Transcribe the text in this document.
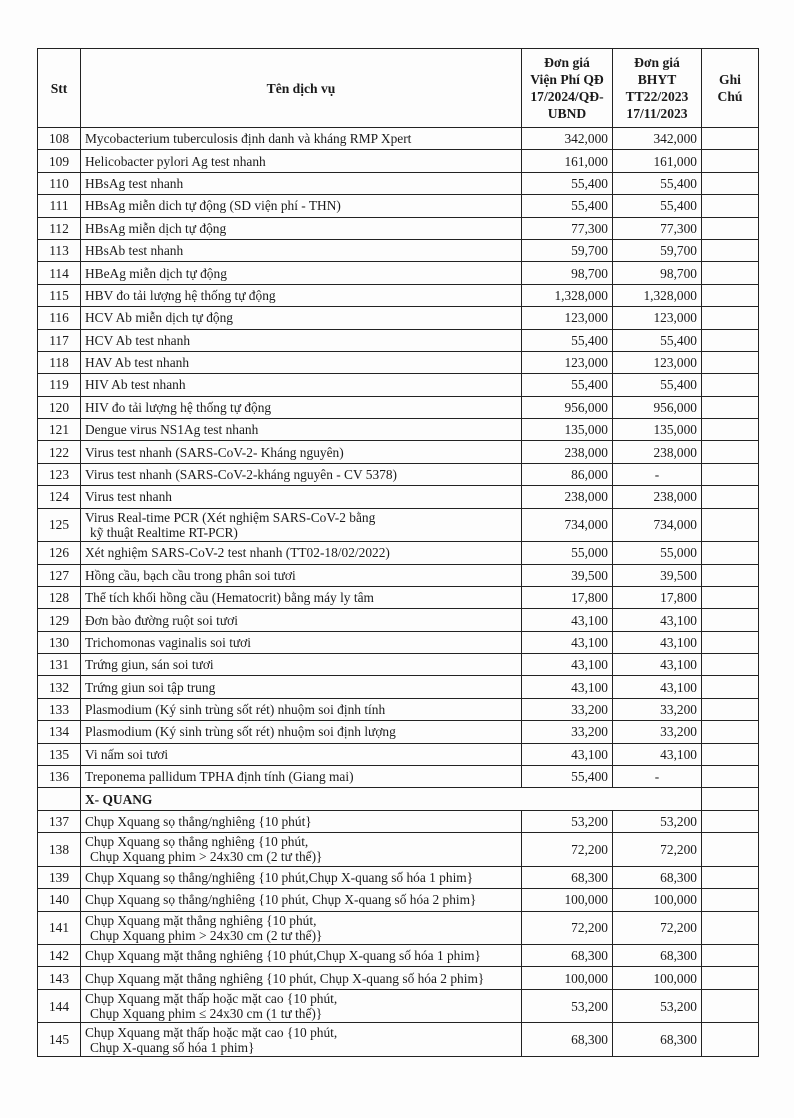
Stt	Tên dịch vụ	
Đơn giá
Viện Phí QĐ
17/2024/QĐ-
UBND

Đơn giá
BHYT
TT22/2023
17/11/2023

Ghi
Chú

108	Mycobacterium tuberculosis định danh và kháng RMP Xpert	342,000	342,000	
109	Helicobacter pylori Ag test nhanh	161,000	161,000	
110	HBsAg test nhanh	55,400	55,400	
111	HBsAg miễn dich tự động (SD viện phí - THN)	55,400	55,400	
112	HBsAg miễn dịch tự động	77,300	77,300	
113	HBsAb test nhanh	59,700	59,700	
114	HBeAg miễn dịch tự động	98,700	98,700	
115	HBV đo tải lượng hệ thống tự động	1,328,000	1,328,000	
116	HCV Ab miễn dịch tự động	123,000	123,000	
117	HCV Ab test nhanh	55,400	55,400	
118	HAV Ab test nhanh	123,000	123,000	
119	HIV Ab test nhanh	55,400	55,400	
120	HIV đo tải lượng hệ thống tự động	956,000	956,000	
121	Dengue virus NS1Ag test nhanh	135,000	135,000	
122	Virus test nhanh (SARS-CoV-2- Kháng nguyên)	238,000	238,000	
123	Virus test nhanh (SARS-CoV-2-kháng nguyên - CV 5378)	86,000	-	
124	Virus test nhanh	238,000	238,000	
125	Virus Real-time PCR (Xét nghiệm SARS-CoV-2 bằng
kỹ thuật Realtime RT-PCR)	734,000	734,000	
126	Xét nghiệm SARS-CoV-2 test nhanh (TT02-18/02/2022)	55,000	55,000	
127	Hồng cầu, bạch cầu trong phân soi tươi	39,500	39,500	
128	Thể tích khối hồng cầu (Hematocrit) bằng máy ly tâm	17,800	17,800	
129	Đơn bào đường ruột soi tươi	43,100	43,100	
130	Trichomonas vaginalis soi tươi	43,100	43,100	
131	Trứng giun, sán soi tươi	43,100	43,100	
132	Trứng giun soi tập trung	43,100	43,100	
133	Plasmodium (Ký sinh trùng sốt rét) nhuộm soi định tính	33,200	33,200	
134	Plasmodium (Ký sinh trùng sốt rét) nhuộm soi định lượng	33,200	33,200	
135	Vi nấm soi tươi	43,100	43,100	
136	Treponema pallidum TPHA định tính (Giang mai)	55,400	-	
	X- QUANG			
137	Chụp Xquang sọ thẳng/nghiêng {10 phút}	53,200	53,200	
138	Chụp Xquang sọ thẳng nghiêng {10 phút,
Chụp Xquang phim > 24x30 cm (2 tư thế)}	72,200	72,200	
139	Chụp Xquang sọ thẳng/nghiêng {10 phút,Chụp X-quang số hóa 1 phim}	68,300	68,300	
140	Chụp Xquang sọ thẳng/nghiêng {10 phút, Chụp X-quang số hóa 2 phim}	100,000	100,000	
141	Chụp Xquang mặt thẳng nghiêng {10 phút,
Chụp Xquang phim > 24x30 cm (2 tư thế)}	72,200	72,200	
142	Chụp Xquang mặt thẳng nghiêng {10 phút,Chụp X-quang số hóa 1 phim}	68,300	68,300	
143	Chụp Xquang mặt thẳng nghiêng {10 phút, Chụp X-quang số hóa 2 phim}	100,000	100,000	
144	Chụp Xquang mặt thấp hoặc mặt cao {10 phút,
Chụp Xquang phim ≤ 24x30 cm (1 tư thế)}	53,200	53,200	
145	Chụp Xquang mặt thấp hoặc mặt cao {10 phút,
Chụp X-quang số hóa 1 phim}	68,300	68,300	
